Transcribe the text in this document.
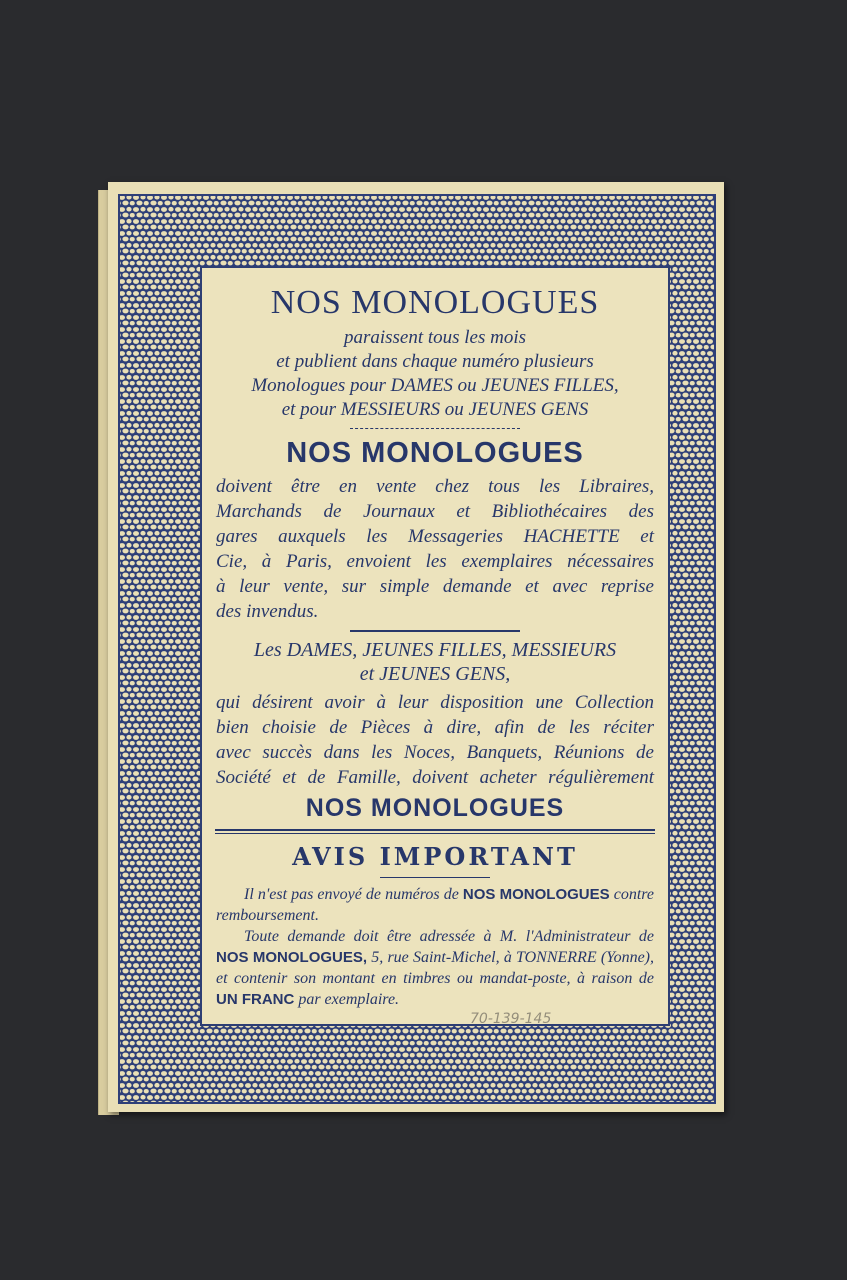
NOS MONOLOGUES
paraissent tous les mois
et publient dans chaque numéro plusieurs
Monologues pour DAMES ou JEUNES FILLES,
et pour MESSIEURS ou JEUNES GENS
NOS MONOLOGUES
doivent être en vente chez tous les Libraires,
Marchands de Journaux et Bibliothécaires des
gares auxquels les Messageries HACHETTE et
Cie, à Paris, envoient les exemplaires nécessaires
à leur vente, sur simple demande et avec reprise
des invendus.
Les DAMES, JEUNES FILLES, MESSIEURS
et JEUNES GENS,
qui désirent avoir à leur disposition une Collection
bien choisie de Pièces à dire, afin de les réciter
avec succès dans les Noces, Banquets, Réunions de
Société et de Famille, doivent acheter régulièrement
NOS MONOLOGUES
AVIS IMPORTANT
Il n'est pas envoyé de numéros de NOS MONOLOGUES contre remboursement.
Toute demande doit être adressée à M. l'Administrateur de NOS MONOLOGUES, 5, rue Saint-Michel, à TONNERRE (Yonne), et contenir son montant en timbres ou mandat-poste, à raison de UN FRANC par exemplaire.
70-139-145
